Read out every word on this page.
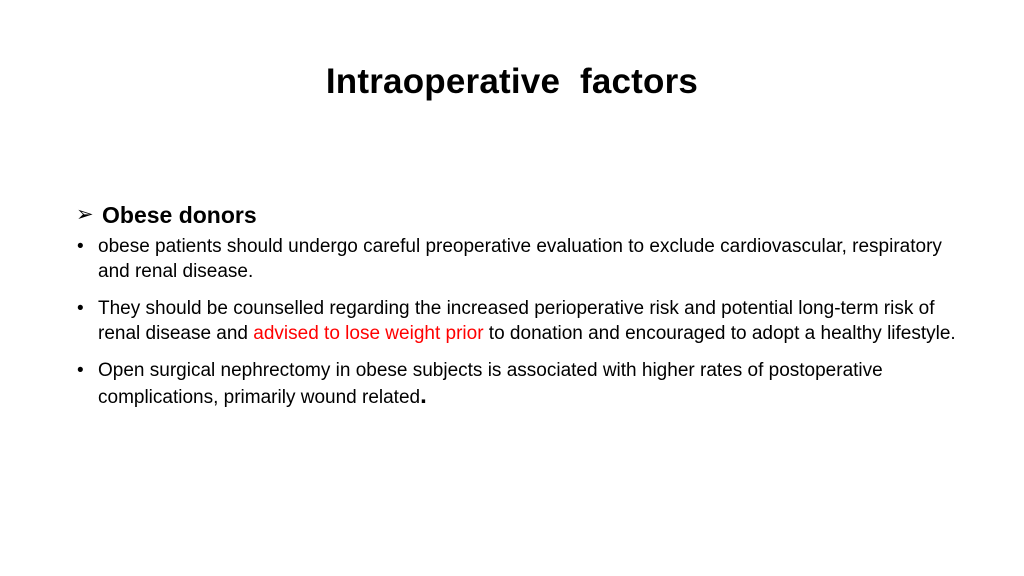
Intraoperative  factors
➢ Obese donors
• obese patients should undergo careful preoperative evaluation to exclude cardiovascular, respiratory and renal disease.
• They should be counselled regarding the increased perioperative risk and potential long-term risk of renal disease and advised to lose weight prior to donation and encouraged to adopt a healthy lifestyle.
• Open surgical nephrectomy in obese subjects is associated with higher rates of postoperative complications, primarily wound related.
